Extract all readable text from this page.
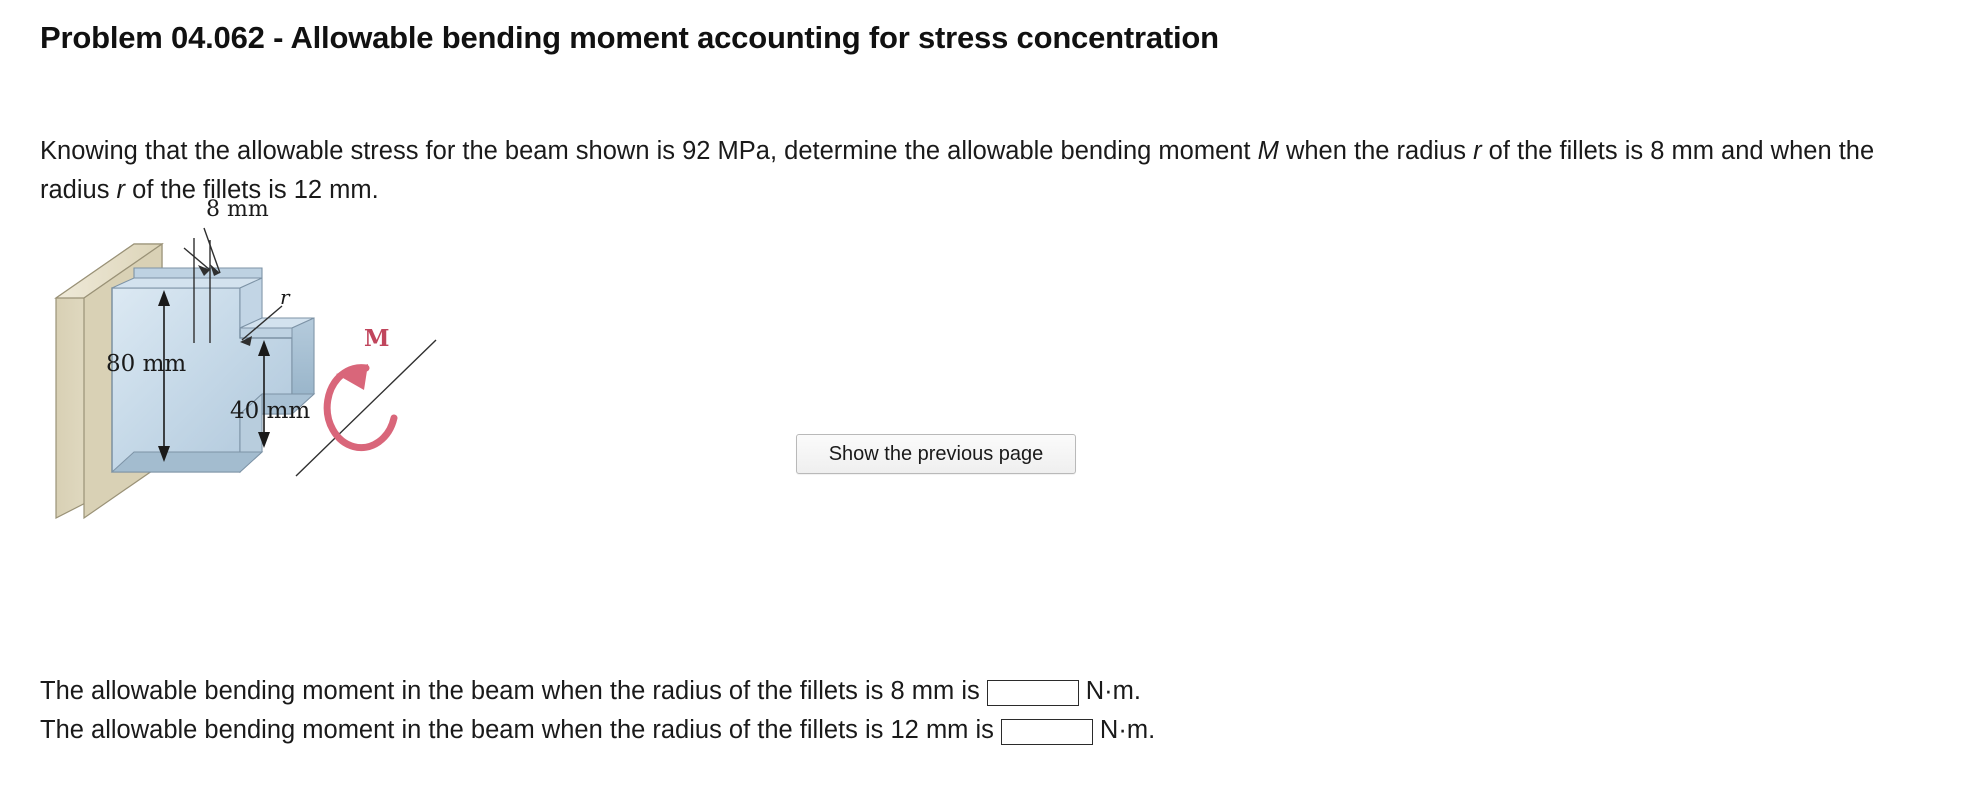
Problem 04.062 - Allowable bending moment accounting for stress concentration
Knowing that the allowable stress for the beam shown is 92 MPa, determine the allowable bending moment M when the radius r of the fillets is 8 mm and when the radius r of the fillets is 12 mm.
8 mm
r
80 mm
40 mm
M
Show the previous page
The allowable bending moment in the beam when the radius of the fillets is 8 mm is	N·m.
The allowable bending moment in the beam when the radius of the fillets is 12 mm is	N·m.
